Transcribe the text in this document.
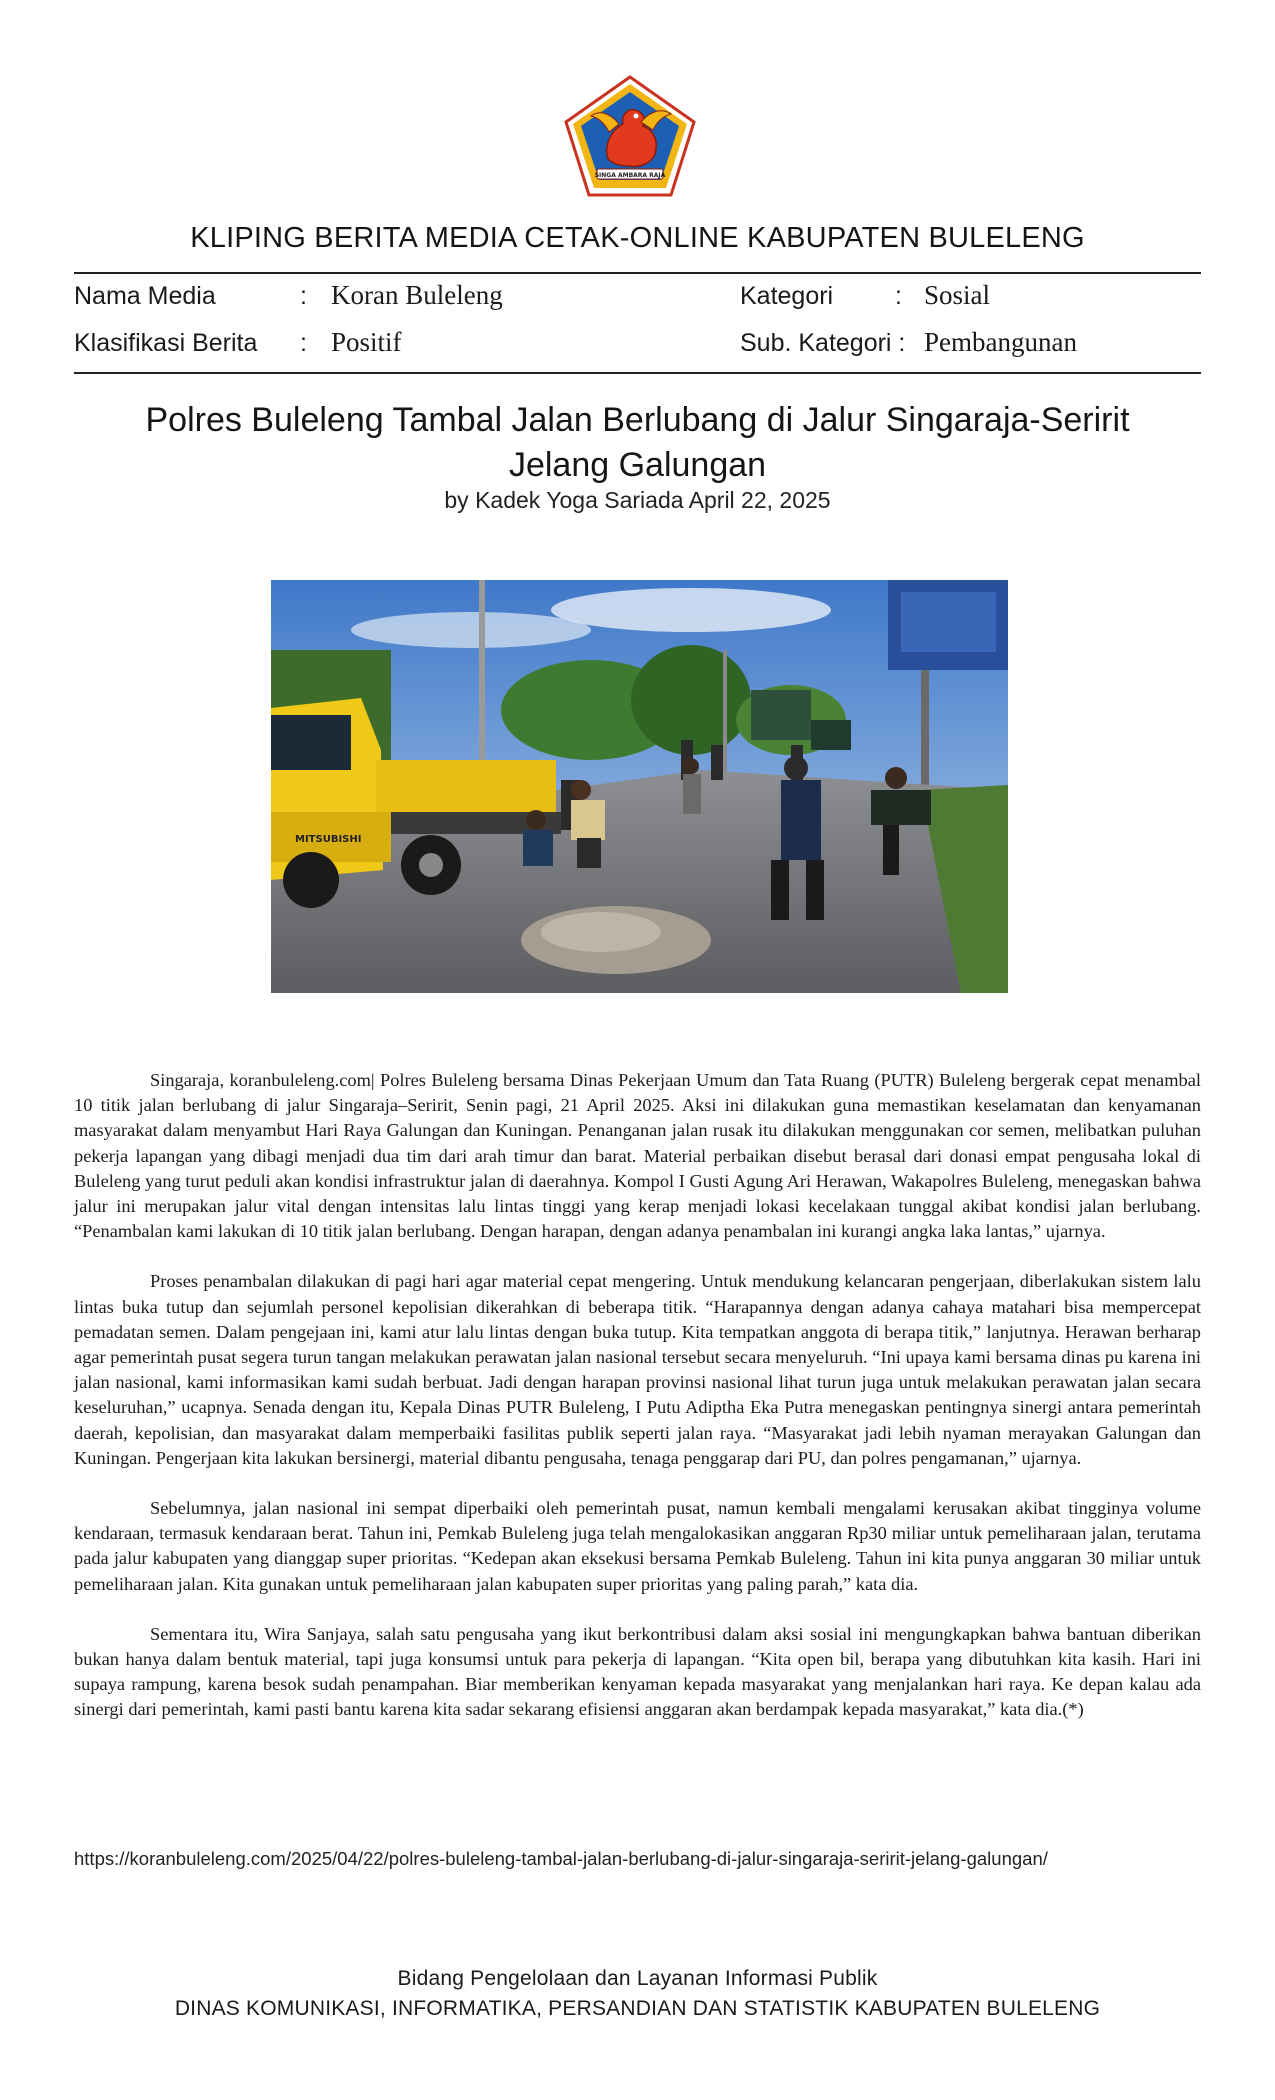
SINGA AMBARA RAJA
KLIPING BERITA MEDIA CETAK-ONLINE KABUPATEN BULELENG
Nama Media	: Koran Buleleng
Klasifikasi Berita : Positif
Kategori : Sosial
Sub. Kategori : Pembangunan
Polres Buleleng Tambal Jalan Berlubang di Jalur Singaraja-Seririt Jelang Galungan
by Kadek Yoga Sariada April 22, 2025
MITSUBISHI

Singaraja, koranbuleleng.com| Polres Buleleng bersama Dinas Pekerjaan Umum dan Tata Ruang (PUTR) Buleleng bergerak cepat menambal 10 titik jalan berlubang di jalur Singaraja–Seririt, Senin pagi, 21 April 2025. Aksi ini dilakukan guna memastikan keselamatan dan kenyamanan masyarakat dalam menyambut Hari Raya Galungan dan Kuningan. Penanganan jalan rusak itu dilakukan menggunakan cor semen, melibatkan puluhan pekerja lapangan yang dibagi menjadi dua tim dari arah timur dan barat. Material perbaikan disebut berasal dari donasi empat pengusaha lokal di Buleleng yang turut peduli akan kondisi infrastruktur jalan di daerahnya. Kompol I Gusti Agung Ari Herawan, Wakapolres Buleleng, menegaskan bahwa jalur ini merupakan jalur vital dengan intensitas lalu lintas tinggi yang kerap menjadi lokasi kecelakaan tunggal akibat kondisi jalan berlubang. “Penambalan kami lakukan di 10 titik jalan berlubang. Dengan harapan, dengan adanya penambalan ini kurangi angka laka lantas,” ujarnya.

Proses penambalan dilakukan di pagi hari agar material cepat mengering. Untuk mendukung kelancaran pengerjaan, diberlakukan sistem lalu lintas buka tutup dan sejumlah personel kepolisian dikerahkan di beberapa titik. “Harapannya dengan adanya cahaya matahari bisa mempercepat pemadatan semen. Dalam pengejaan ini, kami atur lalu lintas dengan buka tutup. Kita tempatkan anggota di berapa titik,” lanjutnya. Herawan berharap agar pemerintah pusat segera turun tangan melakukan perawatan jalan nasional tersebut secara menyeluruh. “Ini upaya kami bersama dinas pu karena ini jalan nasional, kami informasikan kami sudah berbuat. Jadi dengan harapan provinsi nasional lihat turun juga untuk melakukan perawatan jalan secara keseluruhan,” ucapnya. Senada dengan itu, Kepala Dinas PUTR Buleleng, I Putu Adiptha Eka Putra menegaskan pentingnya sinergi antara pemerintah daerah, kepolisian, dan masyarakat dalam memperbaiki fasilitas publik seperti jalan raya. “Masyarakat jadi lebih nyaman merayakan Galungan dan Kuningan. Pengerjaan kita lakukan bersinergi, material dibantu pengusaha, tenaga penggarap dari PU, dan polres pengamanan,” ujarnya.

Sebelumnya, jalan nasional ini sempat diperbaiki oleh pemerintah pusat, namun kembali mengalami kerusakan akibat tingginya volume kendaraan, termasuk kendaraan berat. Tahun ini, Pemkab Buleleng juga telah mengalokasikan anggaran Rp30 miliar untuk pemeliharaan jalan, terutama pada jalur kabupaten yang dianggap super prioritas. “Kedepan akan eksekusi bersama Pemkab Buleleng. Tahun ini kita punya anggaran 30 miliar untuk pemeliharaan jalan. Kita gunakan untuk pemeliharaan jalan kabupaten super prioritas yang paling parah,” kata dia.

Sementara itu, Wira Sanjaya, salah satu pengusaha yang ikut berkontribusi dalam aksi sosial ini mengungkapkan bahwa bantuan diberikan bukan hanya dalam bentuk material, tapi juga konsumsi untuk para pekerja di lapangan. “Kita open bil, berapa yang dibutuhkan kita kasih. Hari ini supaya rampung, karena besok sudah penampahan. Biar memberikan kenyaman kepada masyarakat yang menjalankan hari raya. Ke depan kalau ada sinergi dari pemerintah, kami pasti bantu karena kita sadar sekarang efisiensi anggaran akan berdampak kepada masyarakat,” kata dia.(*)

https://koranbuleleng.com/2025/04/22/polres-buleleng-tambal-jalan-berlubang-di-jalur-singaraja-seririt-jelang-galungan/
Bidang Pengelolaan dan Layanan Informasi Publik
DINAS KOMUNIKASI, INFORMATIKA, PERSANDIAN DAN STATISTIK KABUPATEN BULELENG
